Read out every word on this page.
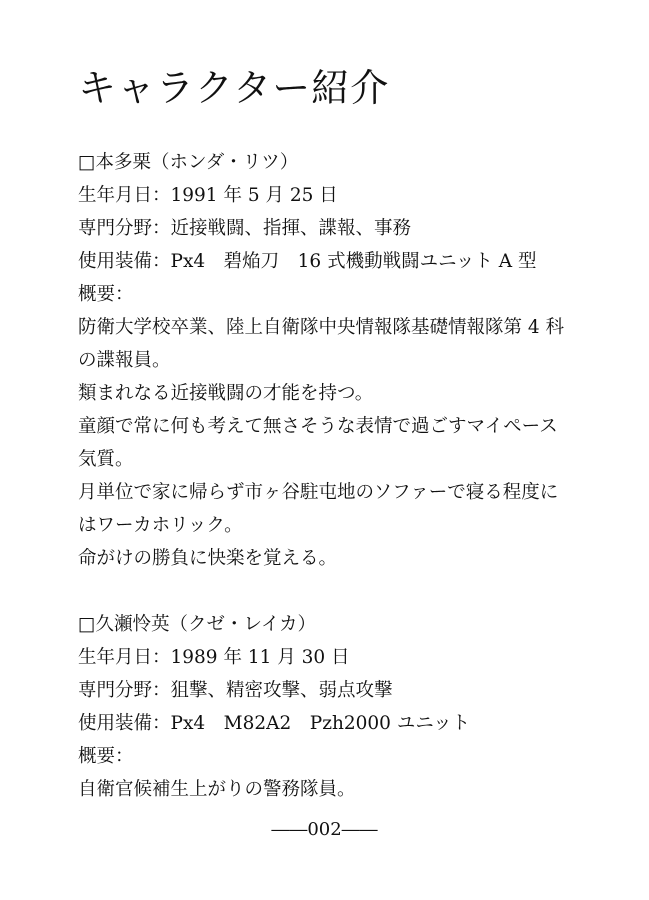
キャラクター紹介
□本多栗（ホンダ・リツ）
生年月日：1991 年 5 月 25 日
専門分野：近接戦闘、指揮、諜報、事務
使用装備：Px4　碧焔刀　16 式機動戦闘ユニット A 型
概要：
防衛大学校卒業、陸上自衛隊中央情報隊基礎情報隊第 4 科
の諜報員。
類まれなる近接戦闘の才能を持つ。
童顔で常に何も考えて無さそうな表情で過ごすマイペース
気質。
月単位で家に帰らず市ヶ谷駐屯地のソファーで寝る程度に
はワーカホリック。
命がけの勝負に快楽を覚える。
□久瀬怜英（クゼ・レイカ）
生年月日：1989 年 11 月 30 日
専門分野：狙撃、精密攻撃、弱点攻撃
使用装備：Px4　M82A2　Pzh2000 ユニット
概要：
自衛官候補生上がりの警務隊員。
――002――
